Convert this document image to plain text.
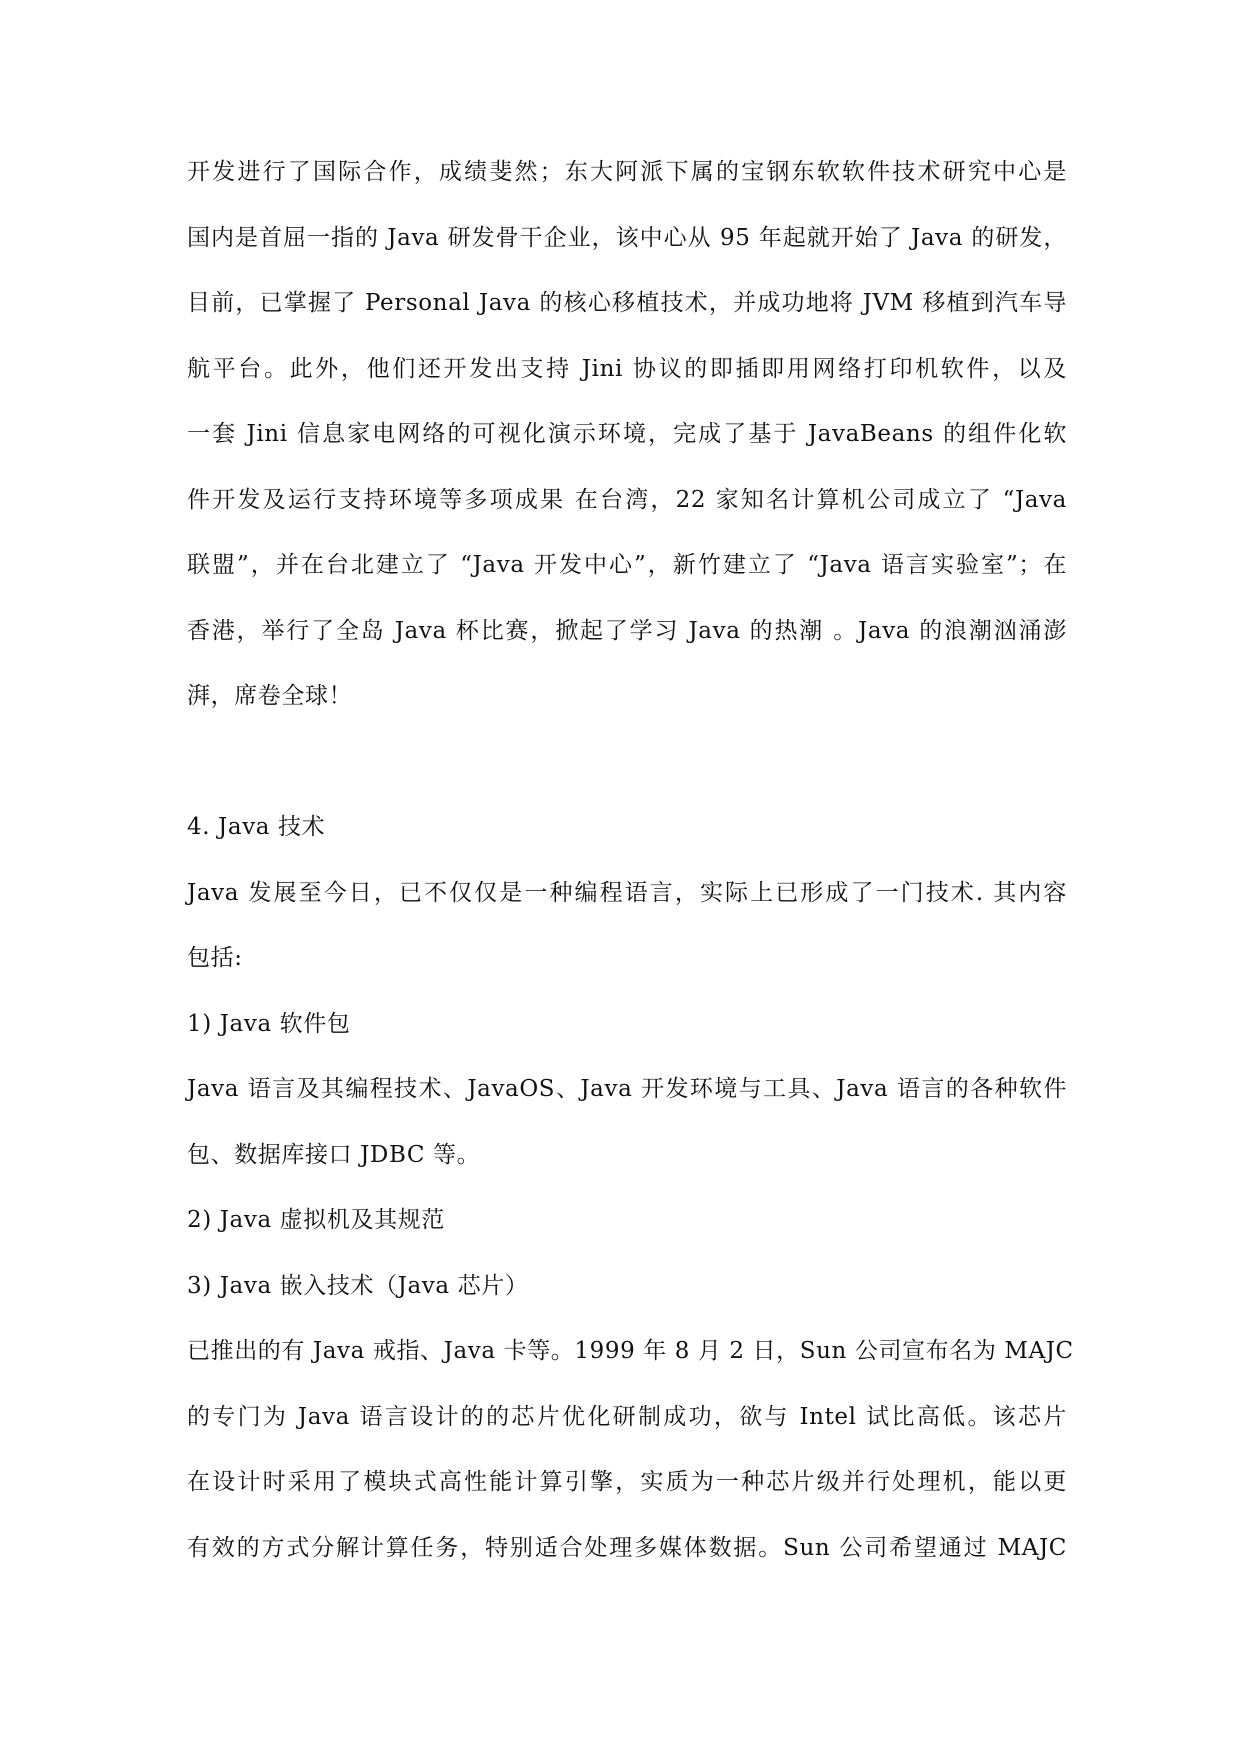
开发进行了国际合作，成绩斐然；东大阿派下属的宝钢东软软件技术研究中心是
国内是首屈一指的 Java 研发骨干企业，该中心从 95 年起就开始了 Java 的研发，
目前，已掌握了 Personal Java 的核心移植技术，并成功地将 JVM 移植到汽车导
航平台。此外，他们还开发出支持 Jini 协议的即插即用网络打印机软件，以及
一套 Jini 信息家电网络的可视化演示环境，完成了基于 JavaBeans 的组件化软
件开发及运行支持环境等多项成果 在台湾，22 家知名计算机公司成立了 “Java
联盟”，并在台北建立了 “Java 开发中心”，新竹建立了 “Java 语言实验室”；在
香港，举行了全岛 Java 杯比赛，掀起了学习 Java 的热潮 。Java 的浪潮汹涌澎
湃，席卷全球！
4. Java 技术
Java 发展至今日，已不仅仅是一种编程语言，实际上已形成了一门技术. 其内容
包括:
1) Java 软件包
Java 语言及其编程技术、JavaOS、Java 开发环境与工具、Java 语言的各种软件
包、数据库接口 JDBC 等。
2) Java 虚拟机及其规范
3) Java 嵌入技术（Java 芯片）
已推出的有 Java 戒指、Java 卡等。1999 年 8 月 2 日，Sun 公司宣布名为 MAJC
的专门为 Java 语言设计的的芯片优化研制成功，欲与 Intel 试比高低。该芯片
在设计时采用了模块式高性能计算引擎，实质为一种芯片级并行处理机，能以更
有效的方式分解计算任务，特别适合处理多媒体数据。Sun 公司希望通过 MAJC
